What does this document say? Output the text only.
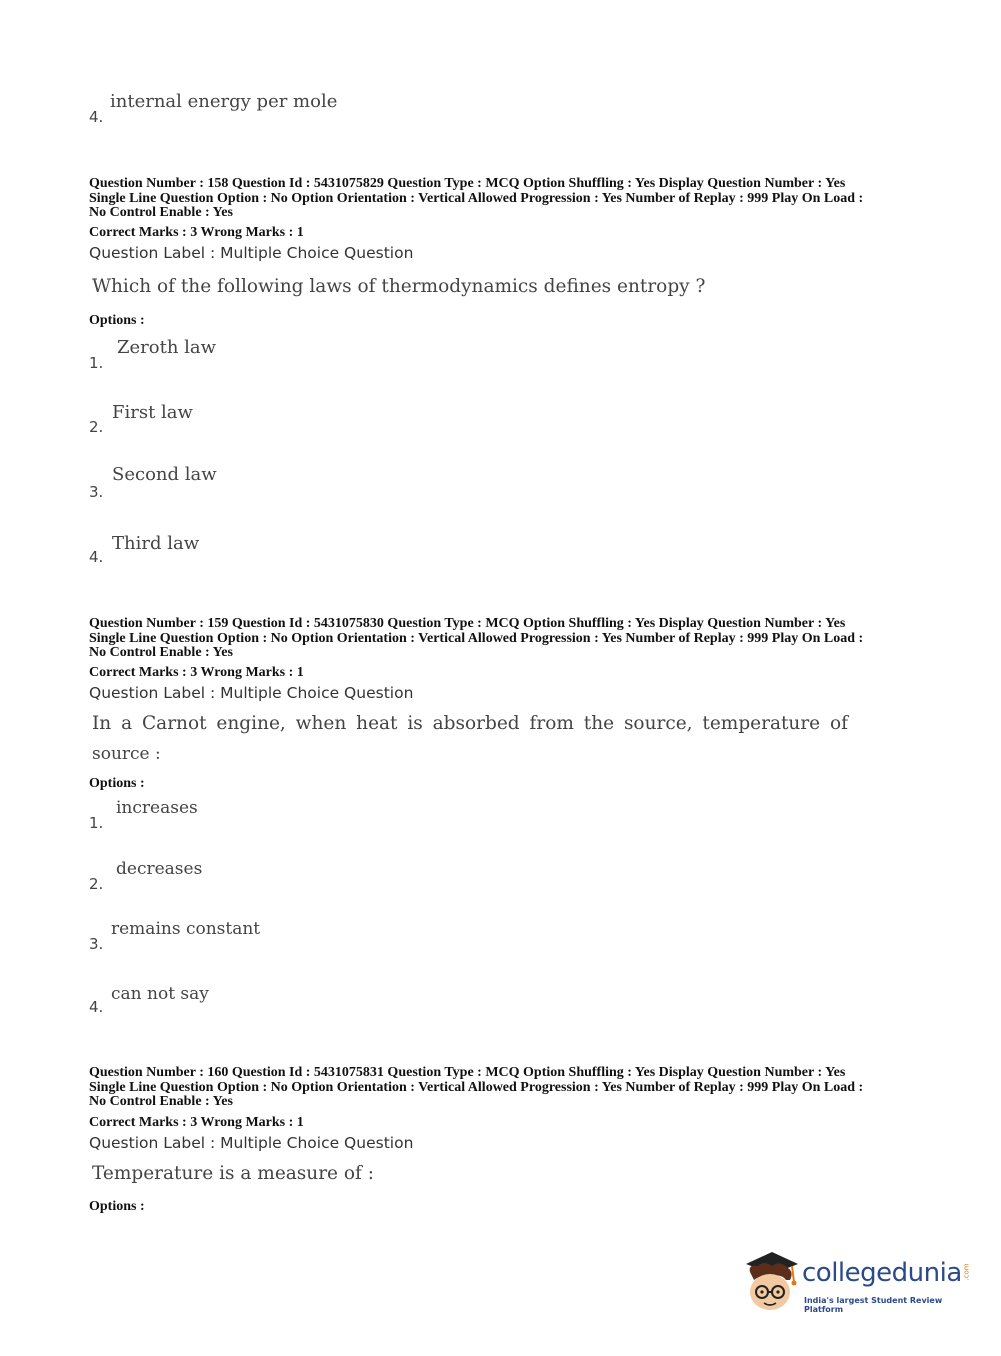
internal energy per mole
4.
Question Number : 158 Question Id : 5431075829 Question Type : MCQ Option Shuffling : Yes Display Question Number : Yes
Single Line Question Option : No Option Orientation : Vertical Allowed Progression : Yes Number of Replay : 999 Play On Load :
No Control Enable : Yes
Correct Marks : 3 Wrong Marks : 1
Question Label : Multiple Choice Question
Which of the following laws of thermodynamics defines entropy ?
Options :
Zeroth law
1.
First law
2.
Second law
3.
Third law
4.
Question Number : 159 Question Id : 5431075830 Question Type : MCQ Option Shuffling : Yes Display Question Number : Yes
Single Line Question Option : No Option Orientation : Vertical Allowed Progression : Yes Number of Replay : 999 Play On Load :
No Control Enable : Yes
Correct Marks : 3 Wrong Marks : 1
Question Label : Multiple Choice Question
In a Carnot engine, when heat is absorbed from the source, temperature of
source :
Options :
increases
1.
decreases
2.
remains constant
3.
can not say
4.
Question Number : 160 Question Id : 5431075831 Question Type : MCQ Option Shuffling : Yes Display Question Number : Yes
Single Line Question Option : No Option Orientation : Vertical Allowed Progression : Yes Number of Replay : 999 Play On Load :
No Control Enable : Yes
Correct Marks : 3 Wrong Marks : 1
Question Label : Multiple Choice Question
Temperature is a measure of :
Options :
collegedunia .com
India's largest Student Review Platform
